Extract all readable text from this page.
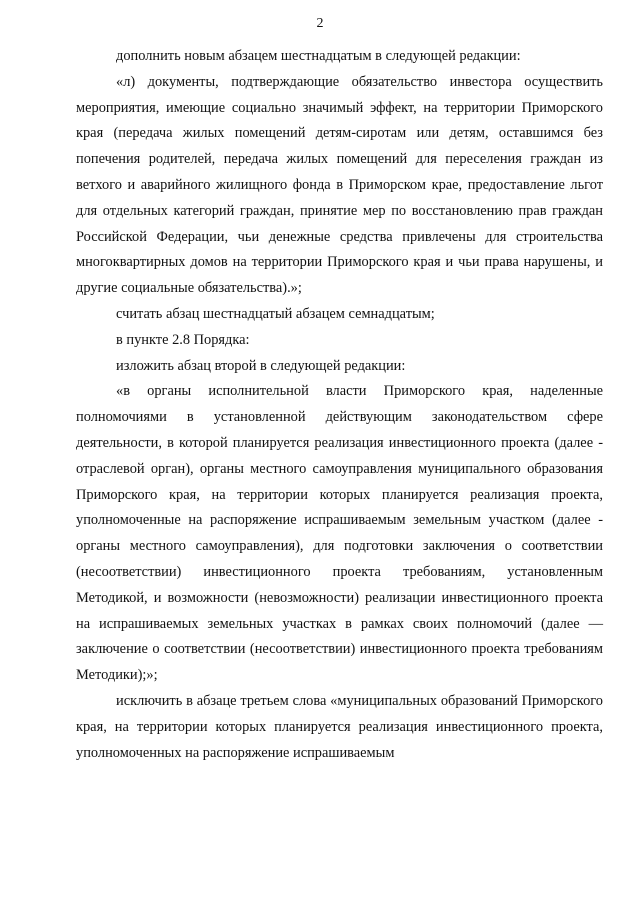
2

дополнить новым абзацем шестнадцатым в следующей редакции:

«л) документы, подтверждающие обязательство инвестора осуществить мероприятия, имеющие социально значимый эффект, на территории Приморского края (передача жилых помещений детям-сиротам или детям, оставшимся без попечения родителей, передача жилых помещений для переселения граждан из ветхого и аварийного жилищного фонда в Приморском крае, предоставление льгот для отдельных категорий граждан, принятие мер по восстановлению прав граждан Российской Федерации, чьи денежные средства привлечены для строительства многоквартирных домов на территории Приморского края и чьи права нарушены, и другие социальные обязательства).»;

считать абзац шестнадцатый абзацем семнадцатым;

в пункте 2.8 Порядка:

изложить абзац второй в следующей редакции:

«в органы исполнительной власти Приморского края, наделенные полномочиями в установленной действующим законодательством сфере деятельности, в которой планируется реализация инвестиционного проекта (далее - отраслевой орган), органы местного самоуправления муниципального образования Приморского края, на территории которых планируется реализация проекта, уполномоченные на распоряжение испрашиваемым земельным участком (далее - органы местного самоуправления), для подготовки заключения о соответствии (несоответствии) инвестиционного проекта требованиям, установленным Методикой, и возможности (невозможности) реализации инвестиционного проекта на испрашиваемых земельных участках в рамках своих полномочий (далее — заключение о соответствии (несоответствии) инвестиционного проекта требованиям Методики);»;

исключить в абзаце третьем слова «муниципальных образований Приморского края, на территории которых планируется реализация инвестиционного проекта, уполномоченных на распоряжение испрашиваемым
